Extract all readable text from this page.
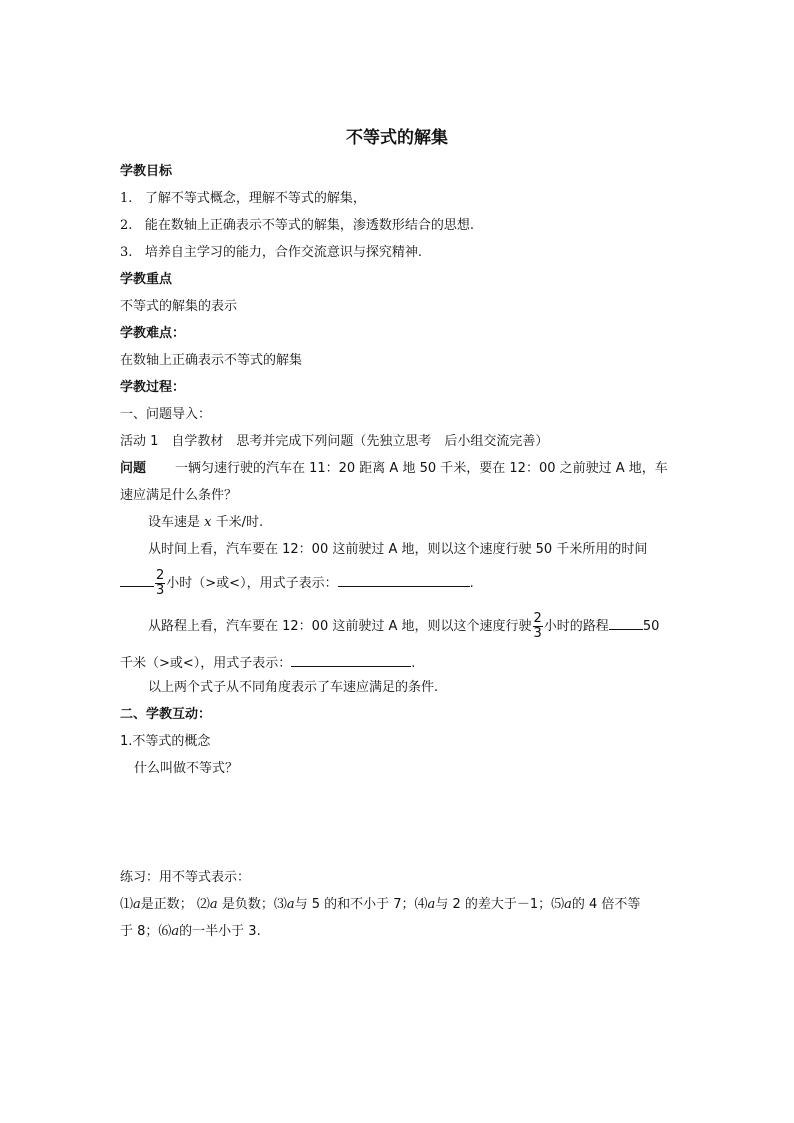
不等式的解集
学教目标
1. 了解不等式概念，理解不等式的解集，
2. 能在数轴上正确表示不等式的解集，渗透数形结合的思想.
3. 培养自主学习的能力，合作交流意识与探究精神.
学教重点
不等式的解集的表示
学教难点：
在数轴上正确表示不等式的解集
学教过程：
一、问题导入：
活动 1　自学教材　思考并完成下列问题（先独立思考　后小组交流完善）
问题 一辆匀速行驶的汽车在 11：20 距离 A 地 50 千米，要在 12：00 之前驶过 A 地，车
速应满足什么条件？
设车速是 x 千米/时.
从时间上看，汽车要在 12：00 这前驶过 A 地，则以这个速度行驶 50 千米所用的时间
$\frac{2}{3}$ 小时（>或<），用式子表示：	.
从路程上看，汽车要在 12：00 这前驶过 A 地，则以这个速度行驶 $\frac{2}{3}$ 小时的路程	50
千米（>或<），用式子表示：	.
以上两个式子从不同角度表示了车速应满足的条件.
二、学教互动：
1.不等式的概念
什么叫做不等式？
练习：用不等式表示：
⑴a是正数； ⑵a 是负数；⑶a与 5 的和不小于 7；⑷a与 2 的差大于－1；⑸a的 4 倍不等
于 8；⑹a的一半小于 3.
